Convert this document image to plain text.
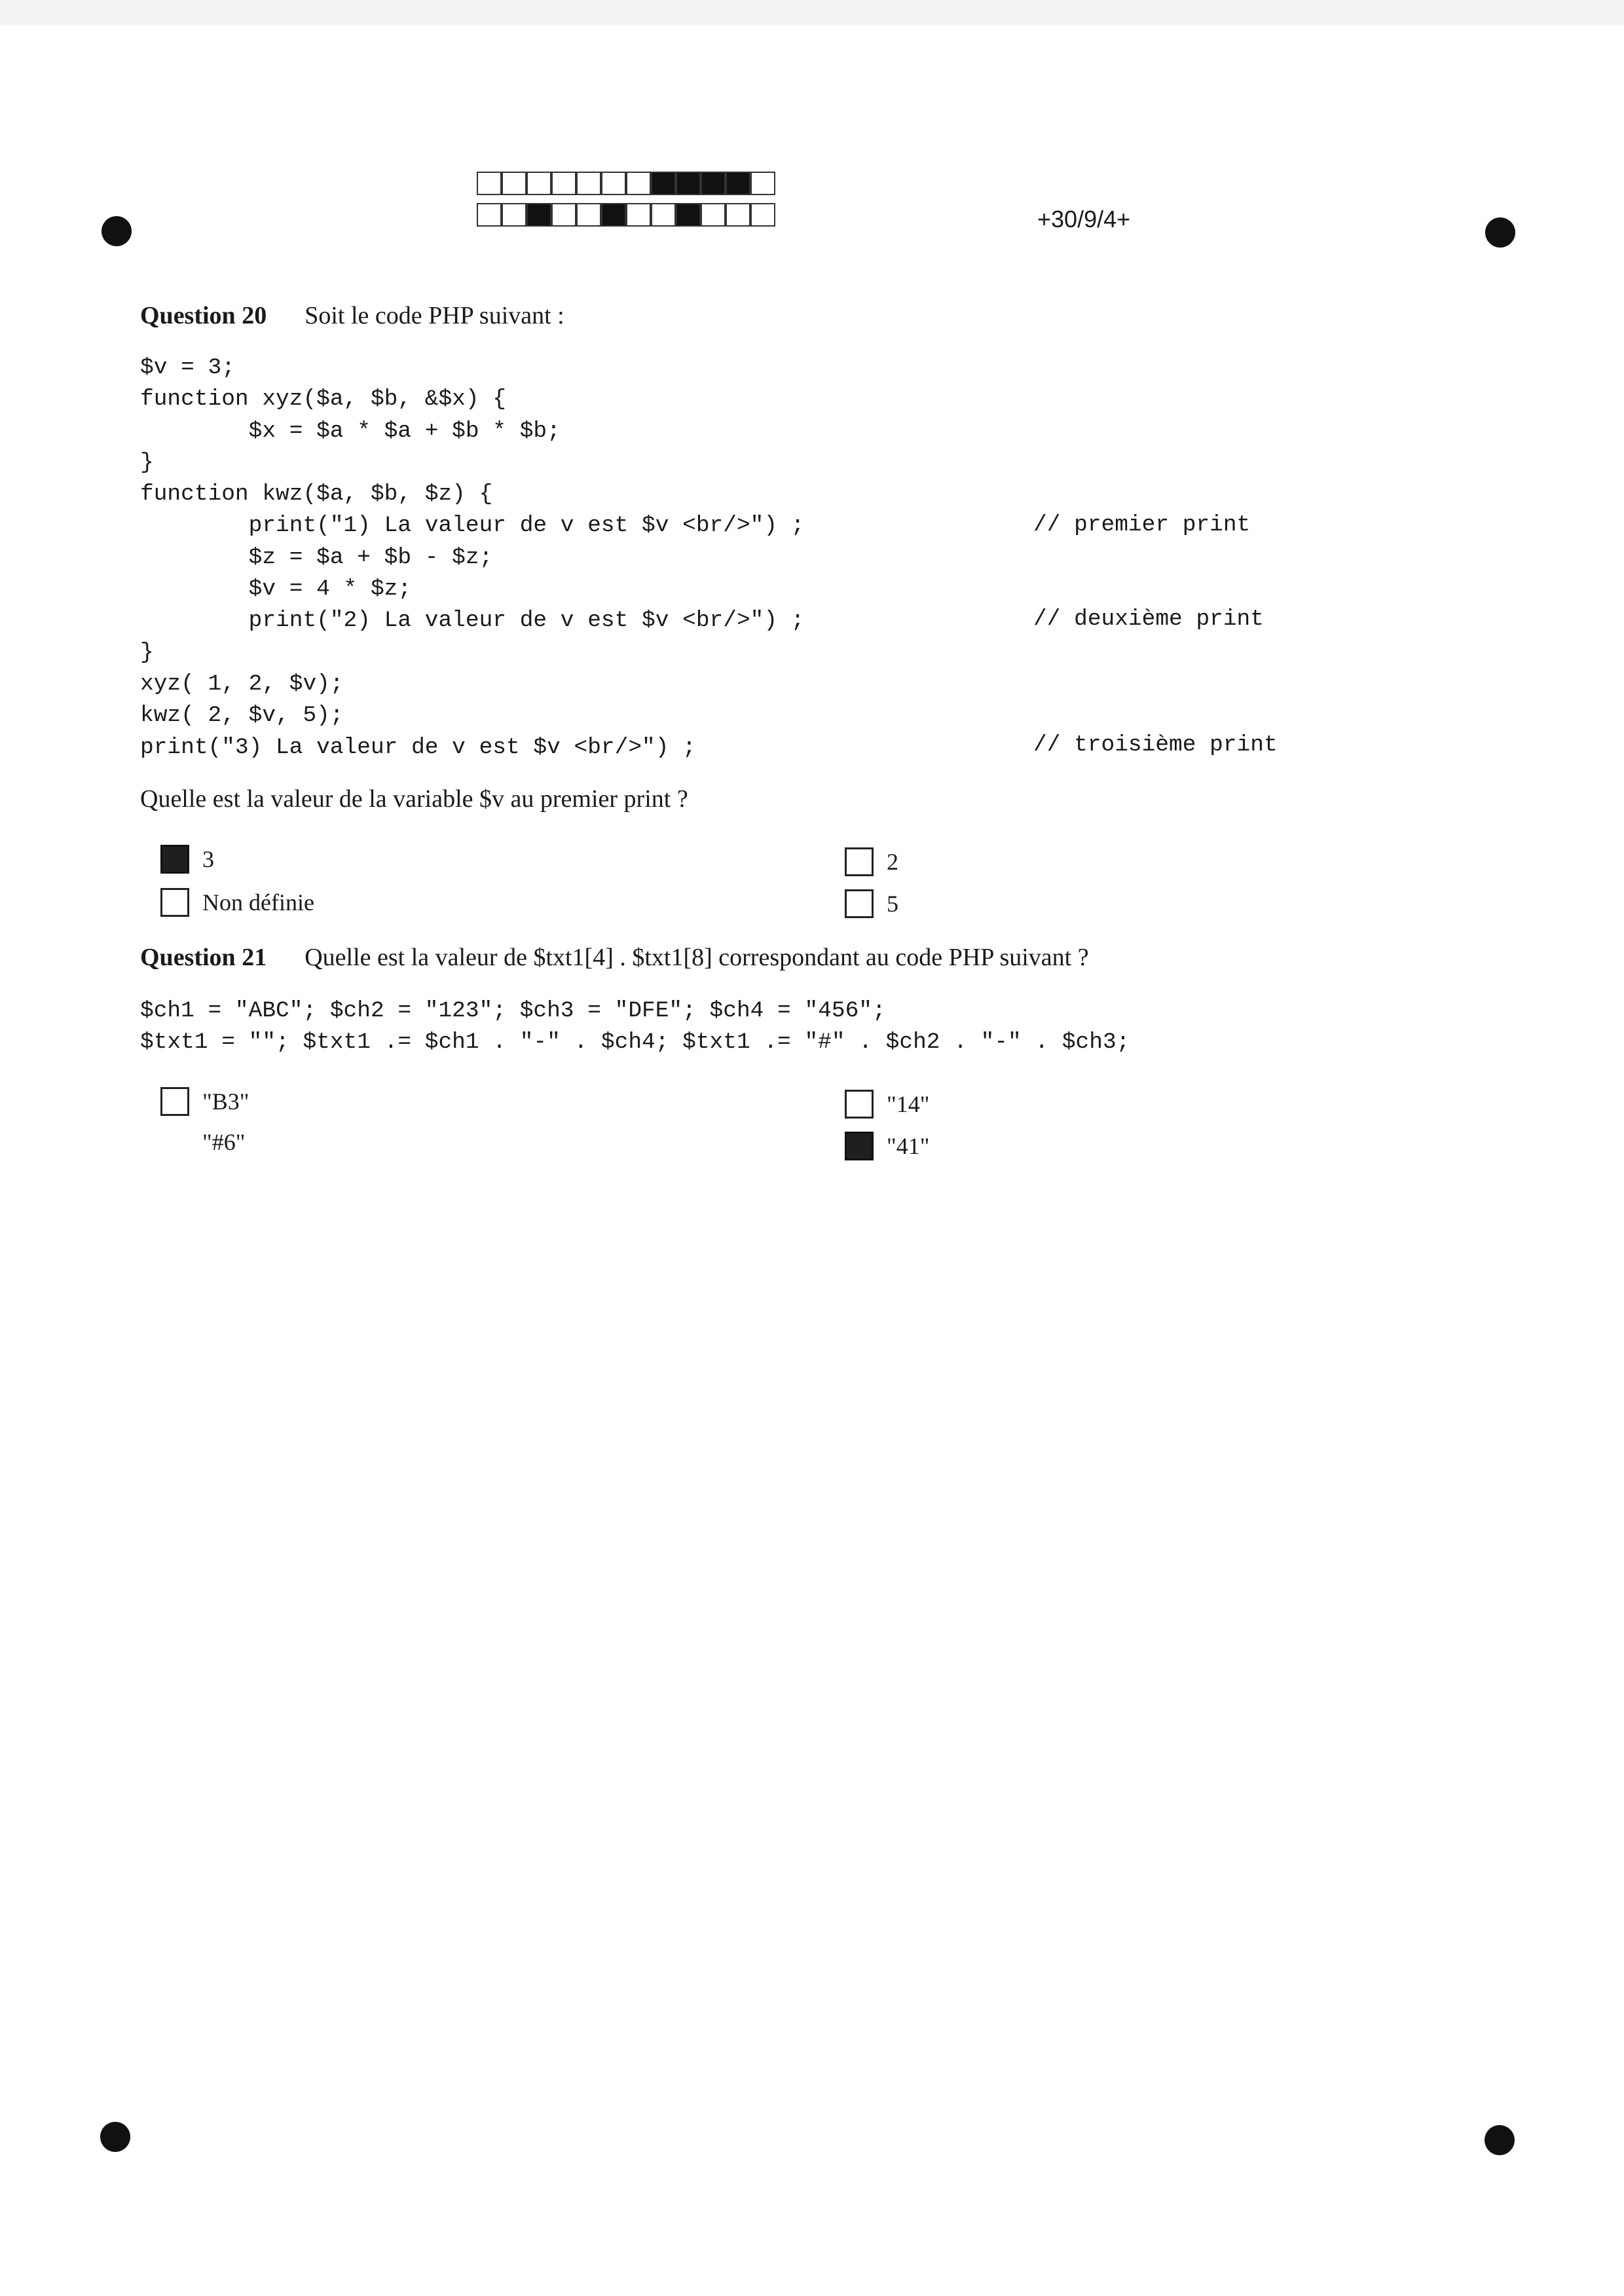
+30/9/4+
Question 20 Soit le code PHP suivant :
$v = 3;
function xyz($a, $b, &$x) {
$x = $a * $a + $b * $b;
}
function kwz($a, $b, $z) {
print("1) La valeur de v est $v <br/>") ;
$z = $a + $b - $z;
$v = 4 * $z;
print("2) La valeur de v est $v <br/>") ;
}
xyz( 1, 2, $v);
kwz( 2, $v, 5);
print("3) La valeur de v est $v <br/>") ;
// premier print
// deuxième print
// troisième print
Quelle est la valeur de la variable $v au premier print ?
3	2
Non définie	5
Question 21 Quelle est la valeur de $txt1[4] . $txt1[8] correspondant au code PHP suivant ?
$ch1 = "ABC"; $ch2 = "123"; $ch3 = "DFE"; $ch4 = "456";
$txt1 = ""; $txt1 .= $ch1 . "-" . $ch4; $txt1 .= "#" . $ch2 . "-" . $ch3;
"B3"	"14"
"#6"	"41"
